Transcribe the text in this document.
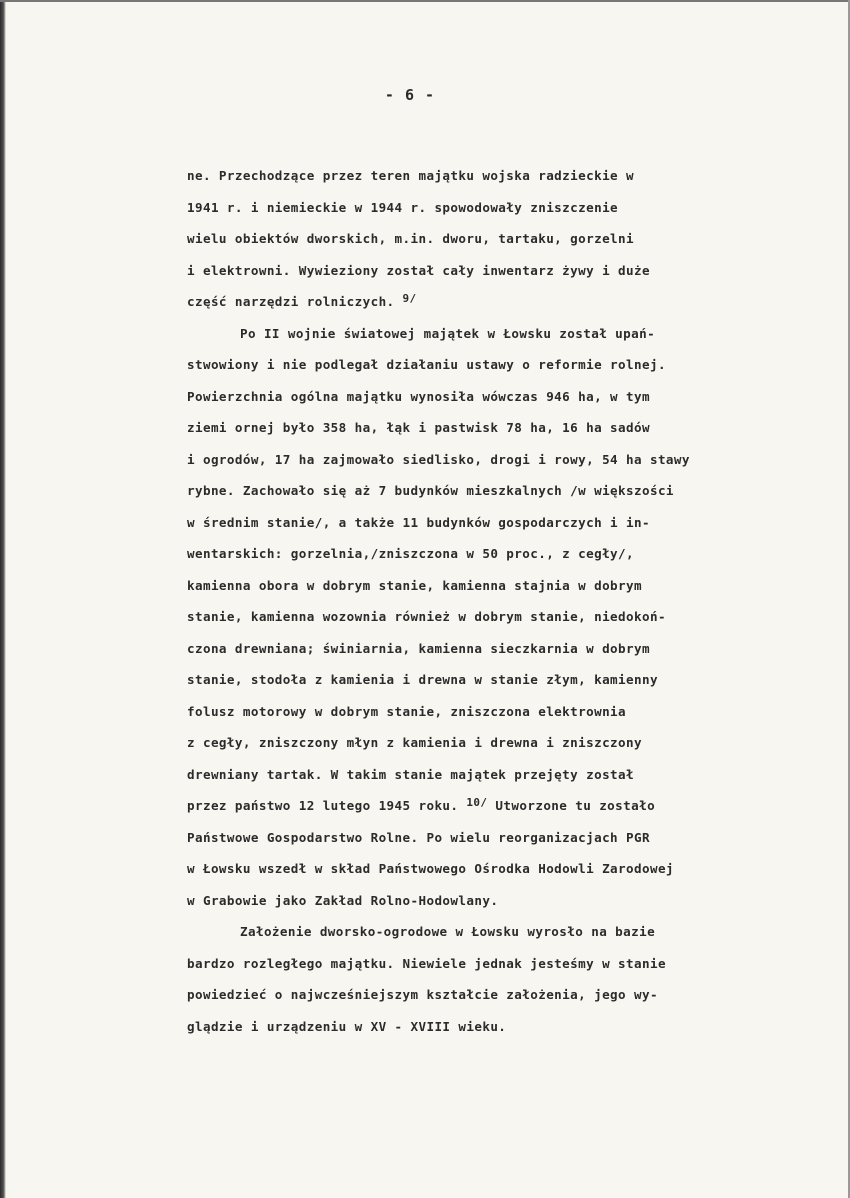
- 6 -
ne. Przechodzące przez teren majątku wojska radzieckie w
1941 r. i niemieckie w 1944 r. spowodowały zniszczenie
wielu obiektów dworskich, m.in. dworu, tartaku, gorzelni
i elektrowni. Wywieziony został cały inwentarz żywy i duże
część narzędzi rolniczych. $^{9/}$
Po II wojnie światowej majątek w Łowsku został upań-
stwowiony i nie podlegał działaniu ustawy o reformie rolnej.
Powierzchnia ogólna majątku wynosiła wówczas 946 ha, w tym
ziemi ornej było 358 ha, łąk i pastwisk 78 ha, 16 ha sadów
i ogrodów, 17 ha zajmowało siedlisko, drogi i rowy, 54 ha stawy
rybne. Zachowało się aż 7 budynków mieszkalnych /w większości
w średnim stanie/, a także 11 budynków gospodarczych i in-
wentarskich: gorzelnia,/zniszczona w 50 proc., z cegły/,
kamienna obora w dobrym stanie, kamienna stajnia w dobrym
stanie, kamienna wozownia również w dobrym stanie, niedokoń-
czona drewniana; świniarnia, kamienna sieczkarnia w dobrym
stanie, stodoła z kamienia i drewna w stanie złym, kamienny
folusz motorowy w dobrym stanie, zniszczona elektrownia
z cegły, zniszczony młyn z kamienia i drewna i zniszczony
drewniany tartak. W takim stanie majątek przejęty został
przez państwo 12 lutego 1945 roku. $^{10/}$ Utworzone tu zostało
Państwowe Gospodarstwo Rolne. Po wielu reorganizacjach PGR
w Łowsku wszedł w skład Państwowego Ośrodka Hodowli Zarodowej
w Grabowie jako Zakład Rolno-Hodowlany.
Założenie dworsko-ogrodowe w Łowsku wyrosło na bazie
bardzo rozległego majątku. Niewiele jednak jesteśmy w stanie
powiedzieć o najwcześniejszym kształcie założenia, jego wy-
glądzie i urządzeniu w XV - XVIII wieku.
